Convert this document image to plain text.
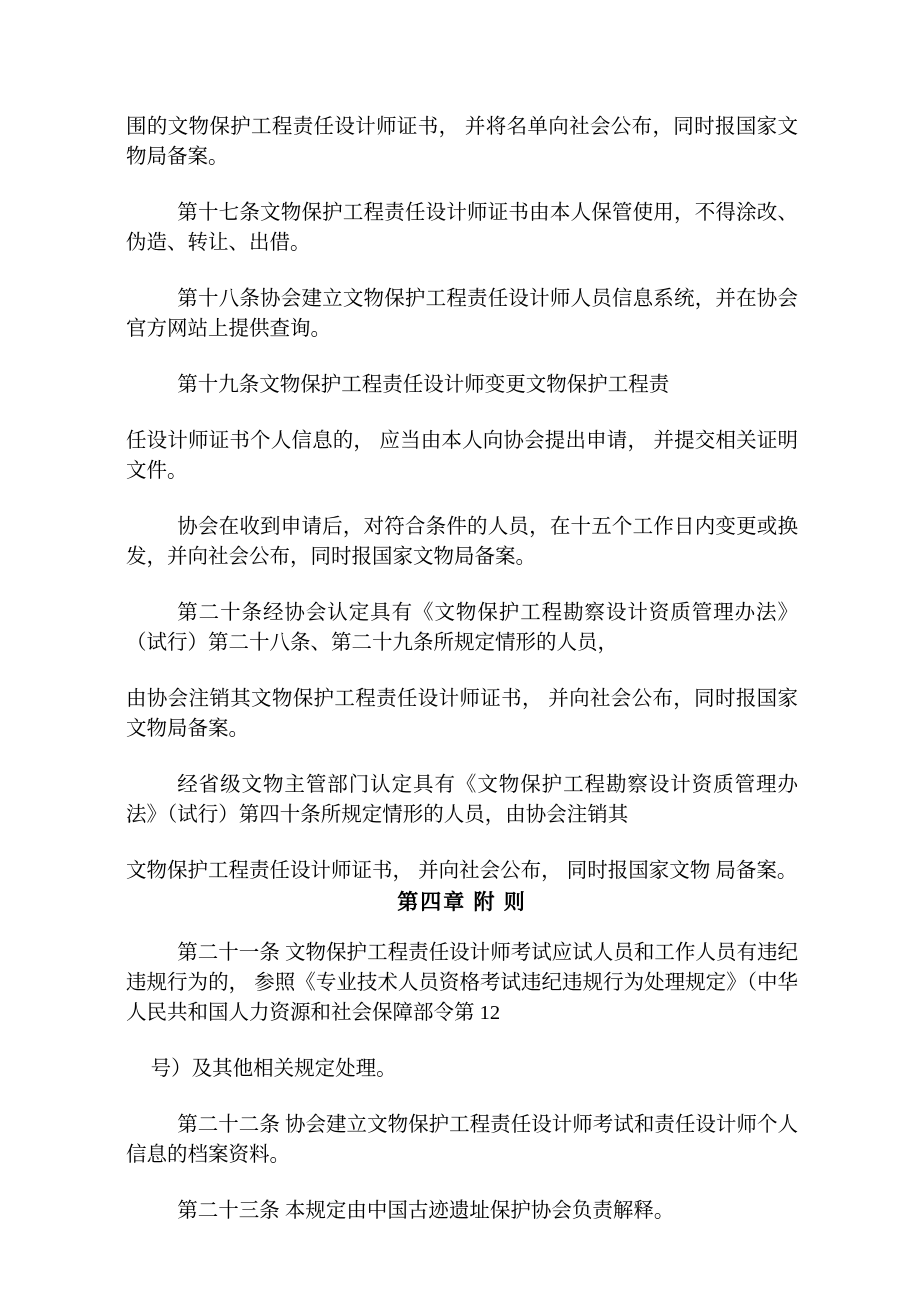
围的文物保护工程责任设计师证书， 并将名单向社会公布，同时报国家文物局备案。

第十七条文物保护工程责任设计师证书由本人保管使用，不得涂改、伪造、转让、出借。

第十八条协会建立文物保护工程责任设计师人员信息系统，并在协会官方网站上提供查询。

第十九条文物保护工程责任设计师变更文物保护工程责

任设计师证书个人信息的， 应当由本人向协会提出申请， 并提交相关证明文件。

协会在收到申请后，对符合条件的人员，在十五个工作日内变更或换发，并向社会公布，同时报国家文物局备案。

第二十条经协会认定具有《文物保护工程勘察设计资质管理办法》（试行）第二十八条、第二十九条所规定情形的人员，

由协会注销其文物保护工程责任设计师证书， 并向社会公布，同时报国家文物局备案。

经省级文物主管部门认定具有《文物保护工程勘察设计资质管理办法》（试行）第四十条所规定情形的人员，由协会注销其

文物保护工程责任设计师证书， 并向社会公布， 同时报国家文物 局备案。

第四章 附 则

第二十一条 文物保护工程责任设计师考试应试人员和工作人员有违纪违规行为的， 参照《专业技术人员资格考试违纪违规行为处理规定》（中华人民共和国人力资源和社会保障部令第 12

号）及其他相关规定处理。

第二十二条 协会建立文物保护工程责任设计师考试和责任设计师个人信息的档案资料。

第二十三条 本规定由中国古迹遗址保护协会负责解释。
